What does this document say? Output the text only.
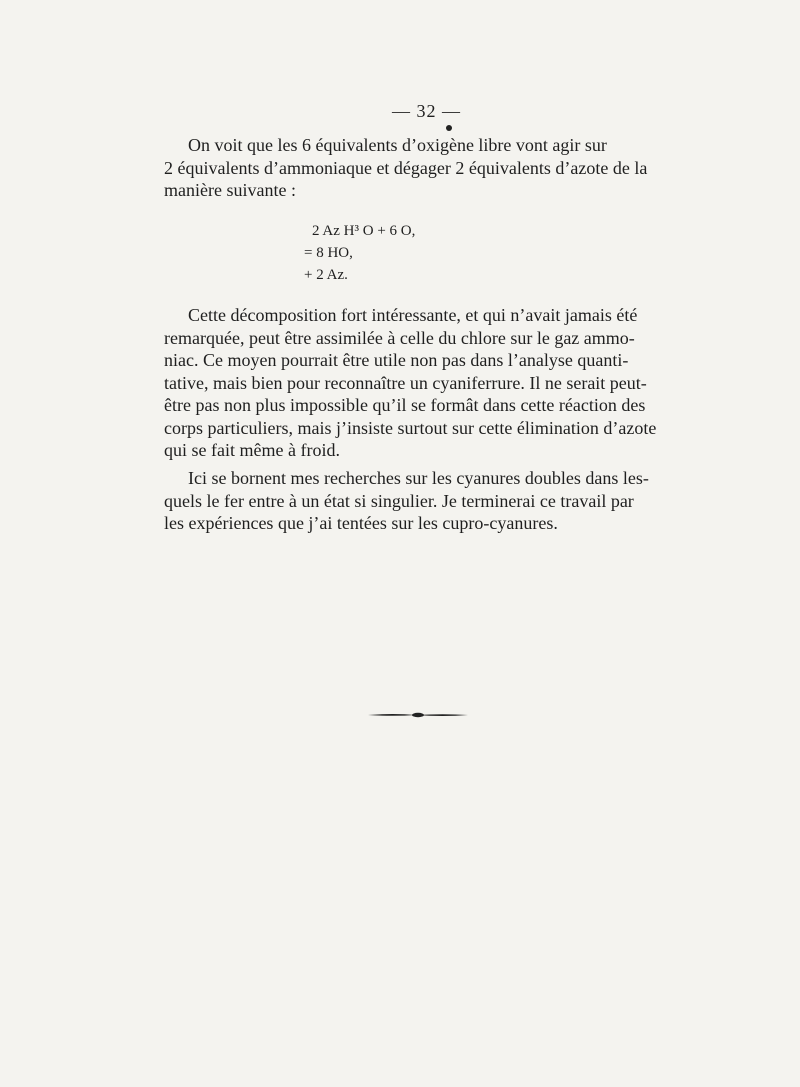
— 32 —
On voit que les 6 équivalents d’oxigène libre vont agir sur
2 équivalents d’ammoniaque et dégager 2 équivalents d’azote de la
manière suivante :
2 Az H³ O + 6 O,
= 8 HO,
+ 2 Az.
Cette décomposition fort intéressante, et qui n’avait jamais été
remarquée, peut être assimilée à celle du chlore sur le gaz ammo-
niac. Ce moyen pourrait être utile non pas dans l’analyse quanti-
tative, mais bien pour reconnaître un cyaniferrure. Il ne serait peut-
être pas non plus impossible qu’il se formât dans cette réaction des
corps particuliers, mais j’insiste surtout sur cette élimination d’azote
qui se fait même à froid.
Ici se bornent mes recherches sur les cyanures doubles dans les-
quels le fer entre à un état si singulier. Je terminerai ce travail par
les expériences que j’ai tentées sur les cupro-cyanures.
